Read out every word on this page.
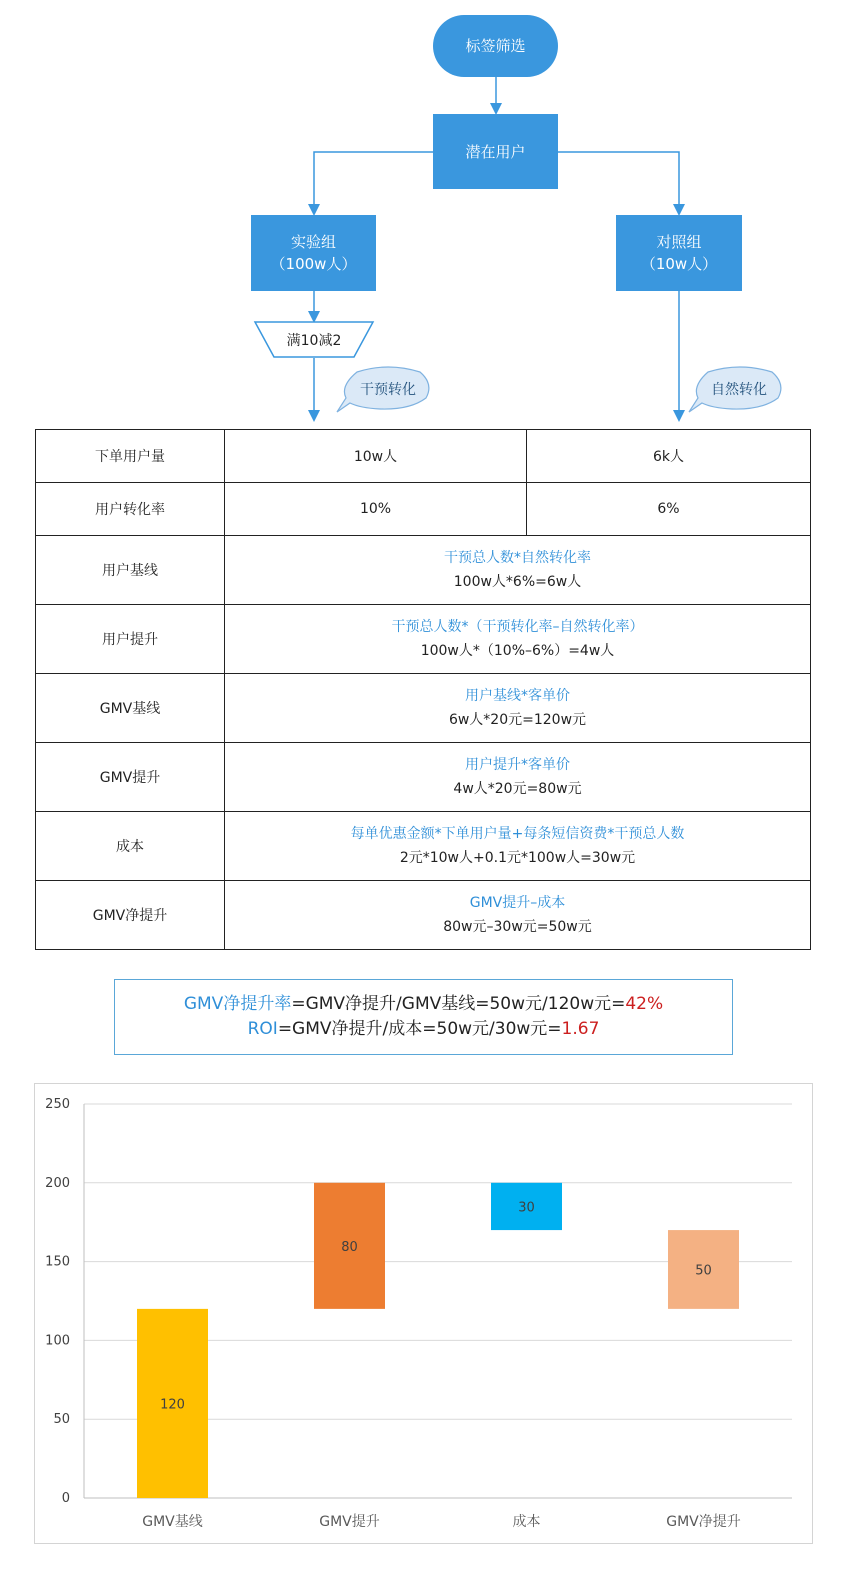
标签筛选
潜在用户
实验组
（100w人）
对照组
（10w人）
满10减2
干预转化	自然转化
下单用户量	10w人	6k人
用户转化率	10%	6%
用户基线	干预总人数*自然转化率
100w人*6%=6w人	

用户提升	干预总人数*（干预转化率–自然转化率）
100w人*（10%–6%）=4w人	

GMV基线	用户基线*客单价
6w人*20元=120w元	

GMV提升	用户提升*客单价
4w人*20元=80w元	

成本	每单优惠金额*下单用户量+每条短信资费*干预总人数
2元*10w人+0.1元*100w人=30w元	

GMV净提升	GMV提升–成本
80w元–30w元=50w元	
GMV净提升率=GMV净提升/GMV基线=50w元/120w元=42%
ROI=GMV净提升/成本=50w元/30w元=1.67
0
50
100
150
200
250
120
GMV基线
80
GMV提升
30
成本
50
GMV净提升
